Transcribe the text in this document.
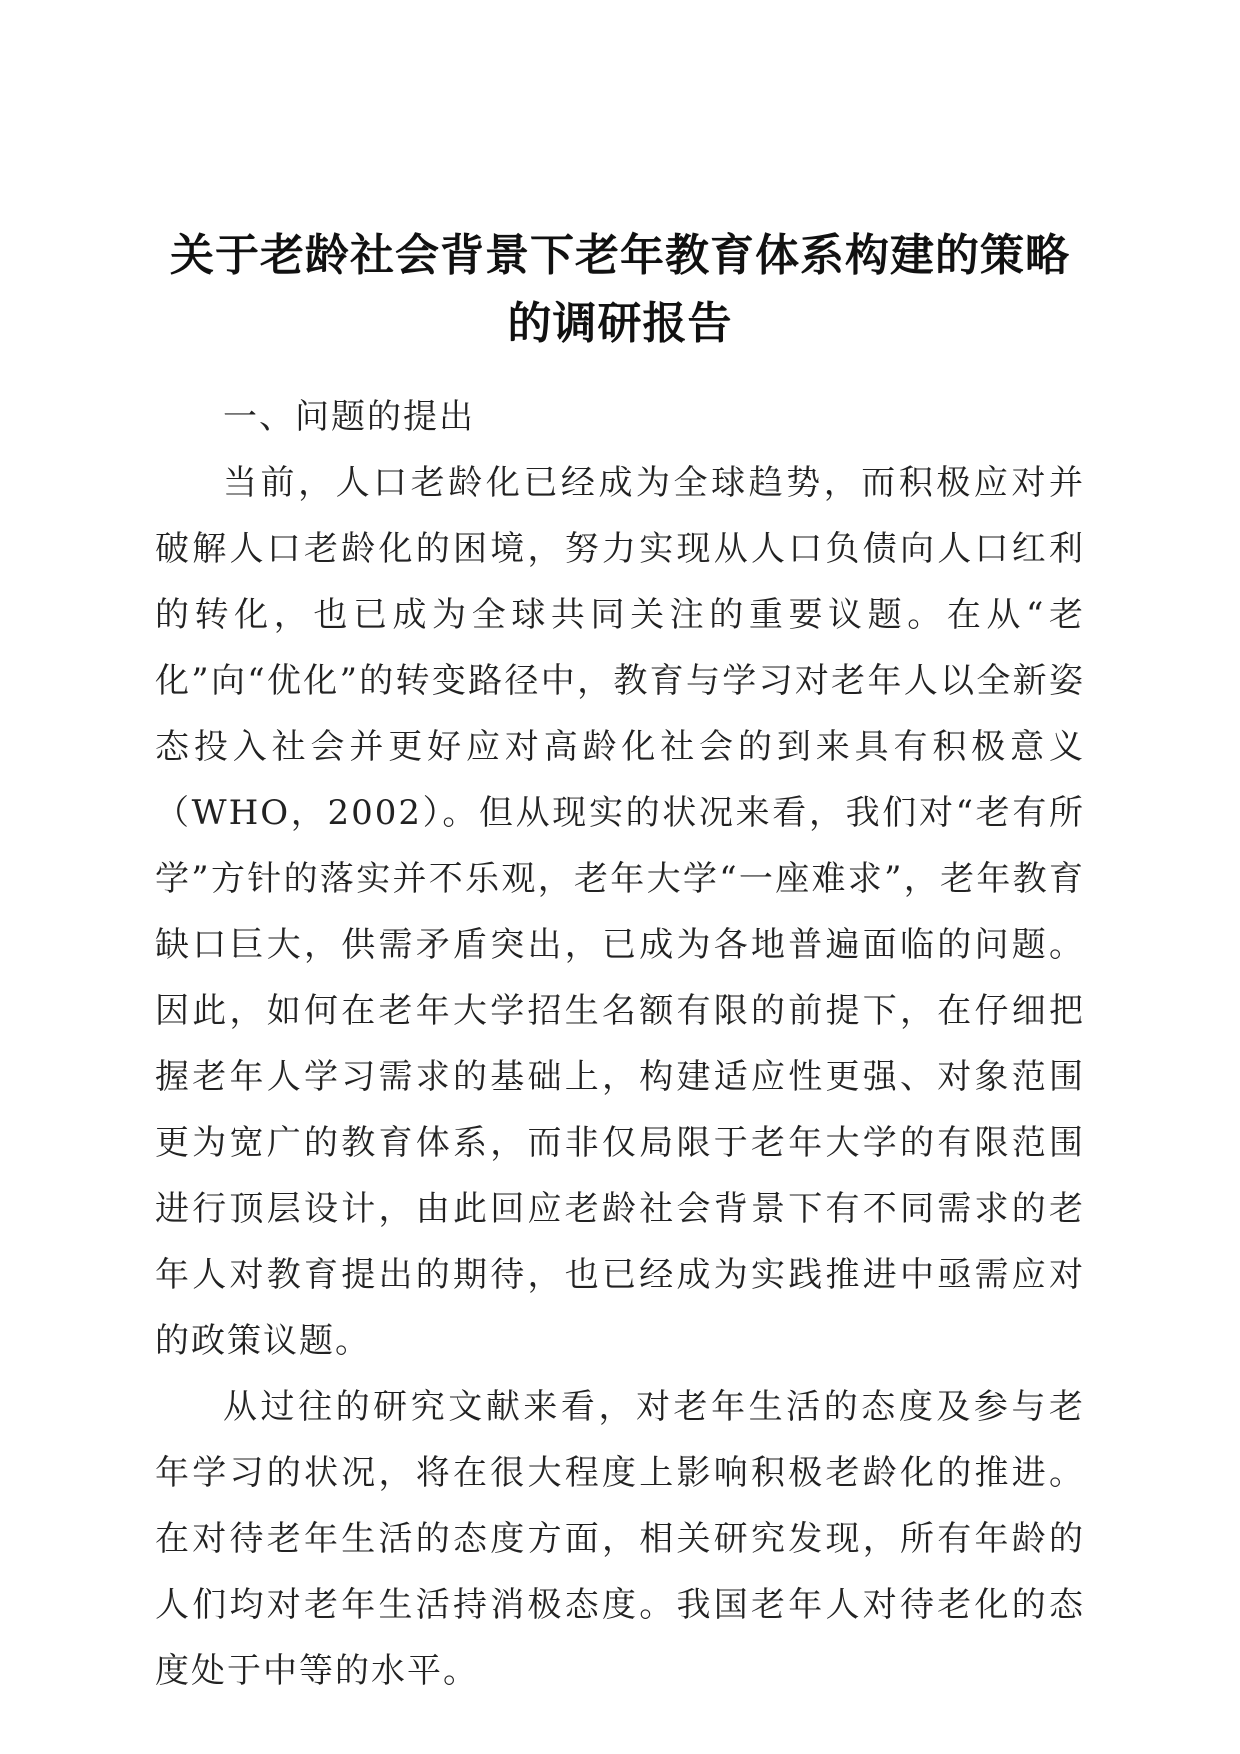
关于老龄社会背景下老年教育体系构建的策略
的调研报告
一、问题的提出

当前，人口老龄化已经成为全球趋势，而积极应对并破解人口老龄化的困境，努力实现从人口负债向人口红利的转化，也已成为全球共同关注的重要议题。在从“老化”向“优化”的转变路径中，教育与学习对老年人以全新姿态投入社会并更好应对高龄化社会的到来具有积极意义（WHO，2002）。但从现实的状况来看，我们对“老有所学”方针的落实并不乐观，老年大学“一座难求”，老年教育缺口巨大，供需矛盾突出，已成为各地普遍面临的问题。因此，如何在老年大学招生名额有限的前提下，在仔细把握老年人学习需求的基础上，构建适应性更强、对象范围更为宽广的教育体系，而非仅局限于老年大学的有限范围进行顶层设计，由此回应老龄社会背景下有不同需求的老年人对教育提出的期待，也已经成为实践推进中亟需应对的政策议题。

从过往的研究文献来看，对老年生活的态度及参与老年学习的状况，将在很大程度上影响积极老龄化的推进。在对待老年生活的态度方面，相关研究发现，所有年龄的人们均对老年生活持消极态度。我国老年人对待老化的态度处于中等的水平。
